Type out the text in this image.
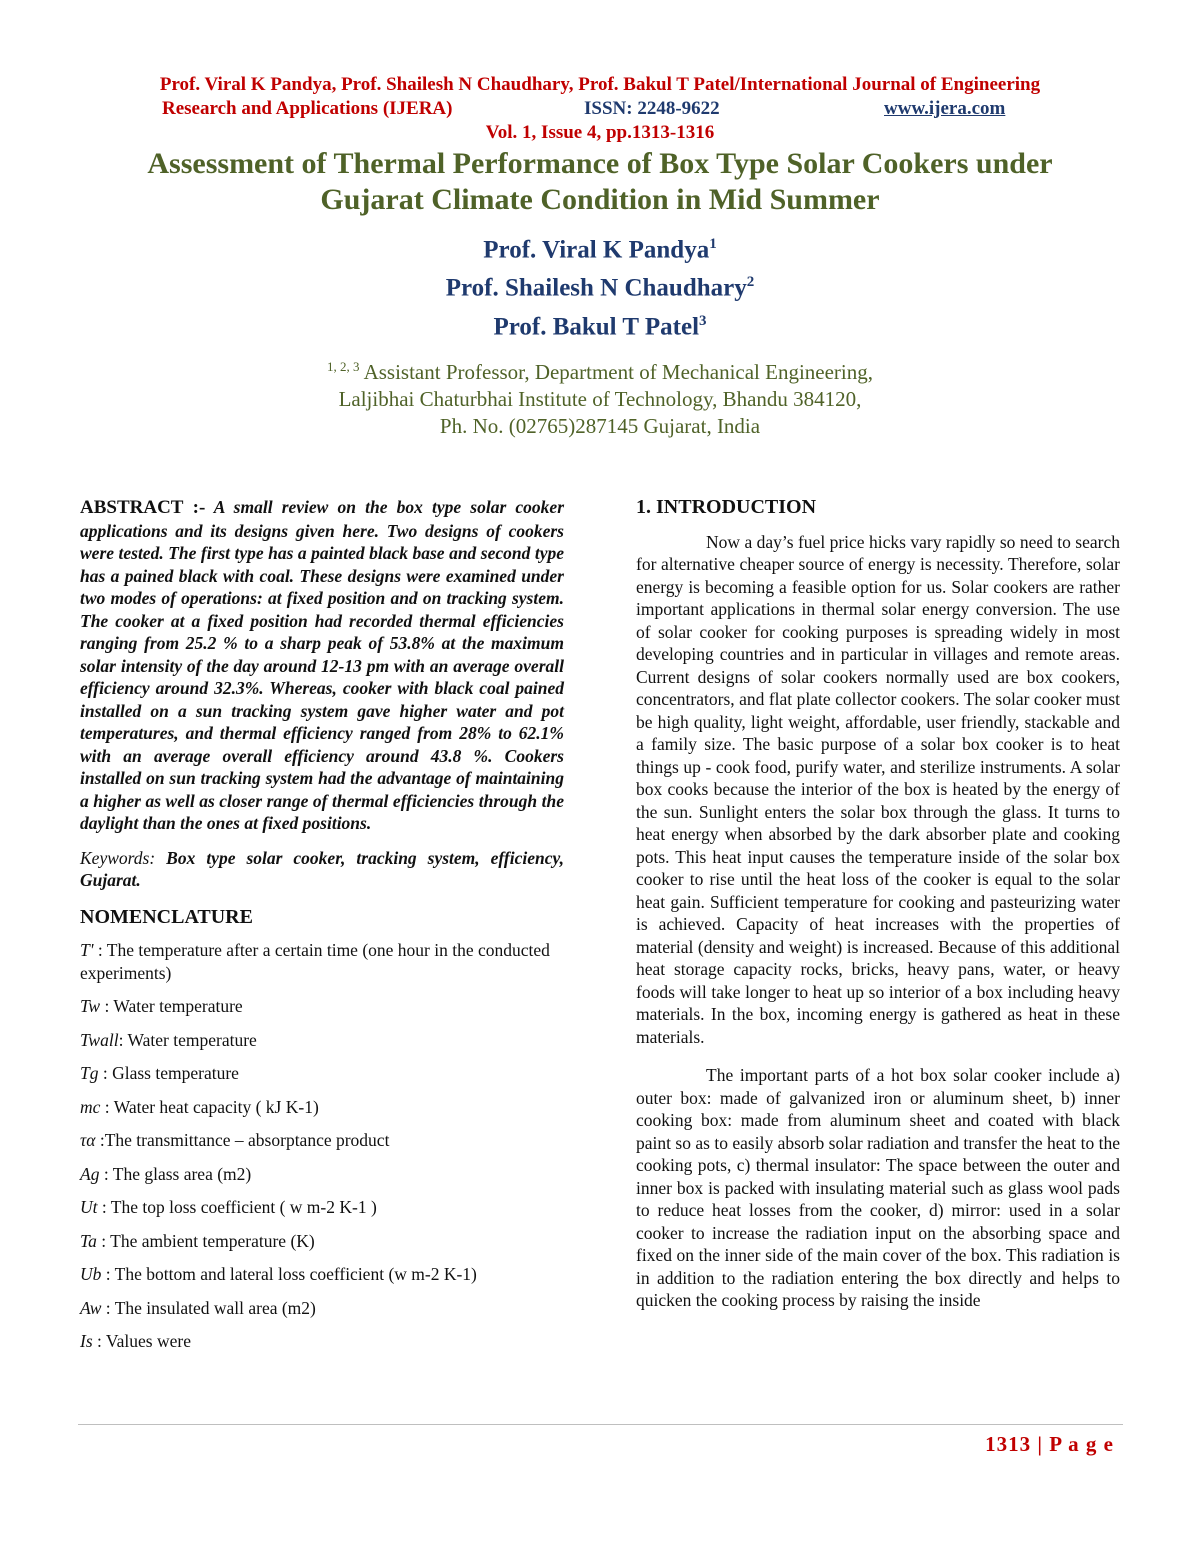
Prof. Viral K Pandya, Prof. Shailesh N Chaudhary, Prof. Bakul T Patel/International Journal of Engineering
Research and Applications (IJERA)	ISSN: 2248-9622	www.ijera.com
Vol. 1, Issue 4, pp.1313-1316
Assessment of Thermal Performance of Box Type Solar Cookers under
Gujarat Climate Condition in Mid Summer
Prof. Viral K Pandya$^1$
Prof. Shailesh N Chaudhary$^2$
Prof. Bakul T Patel$^3$
$^{1, 2, 3}$ Assistant Professor, Department of Mechanical Engineering,
Laljibhai Chaturbhai Institute of Technology, Bhandu 384120,
Ph. No. (02765)287145 Gujarat, India

ABSTRACT :- A small review on the box type solar cooker applications and its designs given here. Two designs of cookers were tested. The first type has a painted black base and second type has a pained black with coal. These designs were examined under two modes of operations: at fixed position and on tracking system. The cooker at a fixed position had recorded thermal efficiencies ranging from 25.2 % to a sharp peak of 53.8% at the maximum solar intensity of the day around 12-13 pm with an average overall efficiency around 32.3%. Whereas, cooker with black coal pained installed on a sun tracking system gave higher water and pot temperatures, and thermal efficiency ranged from 28% to 62.1% with an average overall efficiency around 43.8 %. Cookers installed on sun tracking system had the advantage of maintaining a higher as well as closer range of thermal efficiencies through the daylight than the ones at fixed positions.

Keywords: Box type solar cooker, tracking system, efficiency, Gujarat.

NOMENCLATURE

T' : The temperature after a certain time (one hour in the conducted experiments)

Tw : Water temperature

Twall: Water temperature

Tg : Glass temperature

mc : Water heat capacity ( kJ K-1)

τα :The transmittance – absorptance product

Ag : The glass area (m2)

Ut : The top loss coefficient ( w m-2 K-1 )

Ta : The ambient temperature (K)

Ub : The bottom and lateral loss coefficient (w m-2 K-1)

Aw : The insulated wall area (m2)

Is : Values were

1. INTRODUCTION

Now a day’s fuel price hicks vary rapidly so need to search for alternative cheaper source of energy is necessity. Therefore, solar energy is becoming a feasible option for us. Solar cookers are rather important applications in thermal solar energy conversion. The use of solar cooker for cooking purposes is spreading widely in most developing countries and in particular in villages and remote areas. Current designs of solar cookers normally used are box cookers, concentrators, and flat plate collector cookers. The solar cooker must be high quality, light weight, affordable, user friendly, stackable and a family size. The basic purpose of a solar box cooker is to heat things up - cook food, purify water, and sterilize instruments. A solar box cooks because the interior of the box is heated by the energy of the sun. Sunlight enters the solar box through the glass. It turns to heat energy when absorbed by the dark absorber plate and cooking pots. This heat input causes the temperature inside of the solar box cooker to rise until the heat loss of the cooker is equal to the solar heat gain. Sufficient temperature for cooking and pasteurizing water is achieved. Capacity of heat increases with the properties of material (density and weight) is increased. Because of this additional heat storage capacity rocks, bricks, heavy pans, water, or heavy foods will take longer to heat up so interior of a box including heavy materials. In the box, incoming energy is gathered as heat in these materials.

The important parts of a hot box solar cooker include a) outer box: made of galvanized iron or aluminum sheet, b) inner cooking box: made from aluminum sheet and coated with black paint so as to easily absorb solar radiation and transfer the heat to the cooking pots, c) thermal insulator: The space between the outer and inner box is packed with insulating material such as glass wool pads to reduce heat losses from the cooker, d) mirror: used in a solar cooker to increase the radiation input on the absorbing space and fixed on the inner side of the main cover of the box. This radiation is in addition to the radiation entering the box directly and helps to quicken the cooking process by raising the inside

1313 | P a g e
